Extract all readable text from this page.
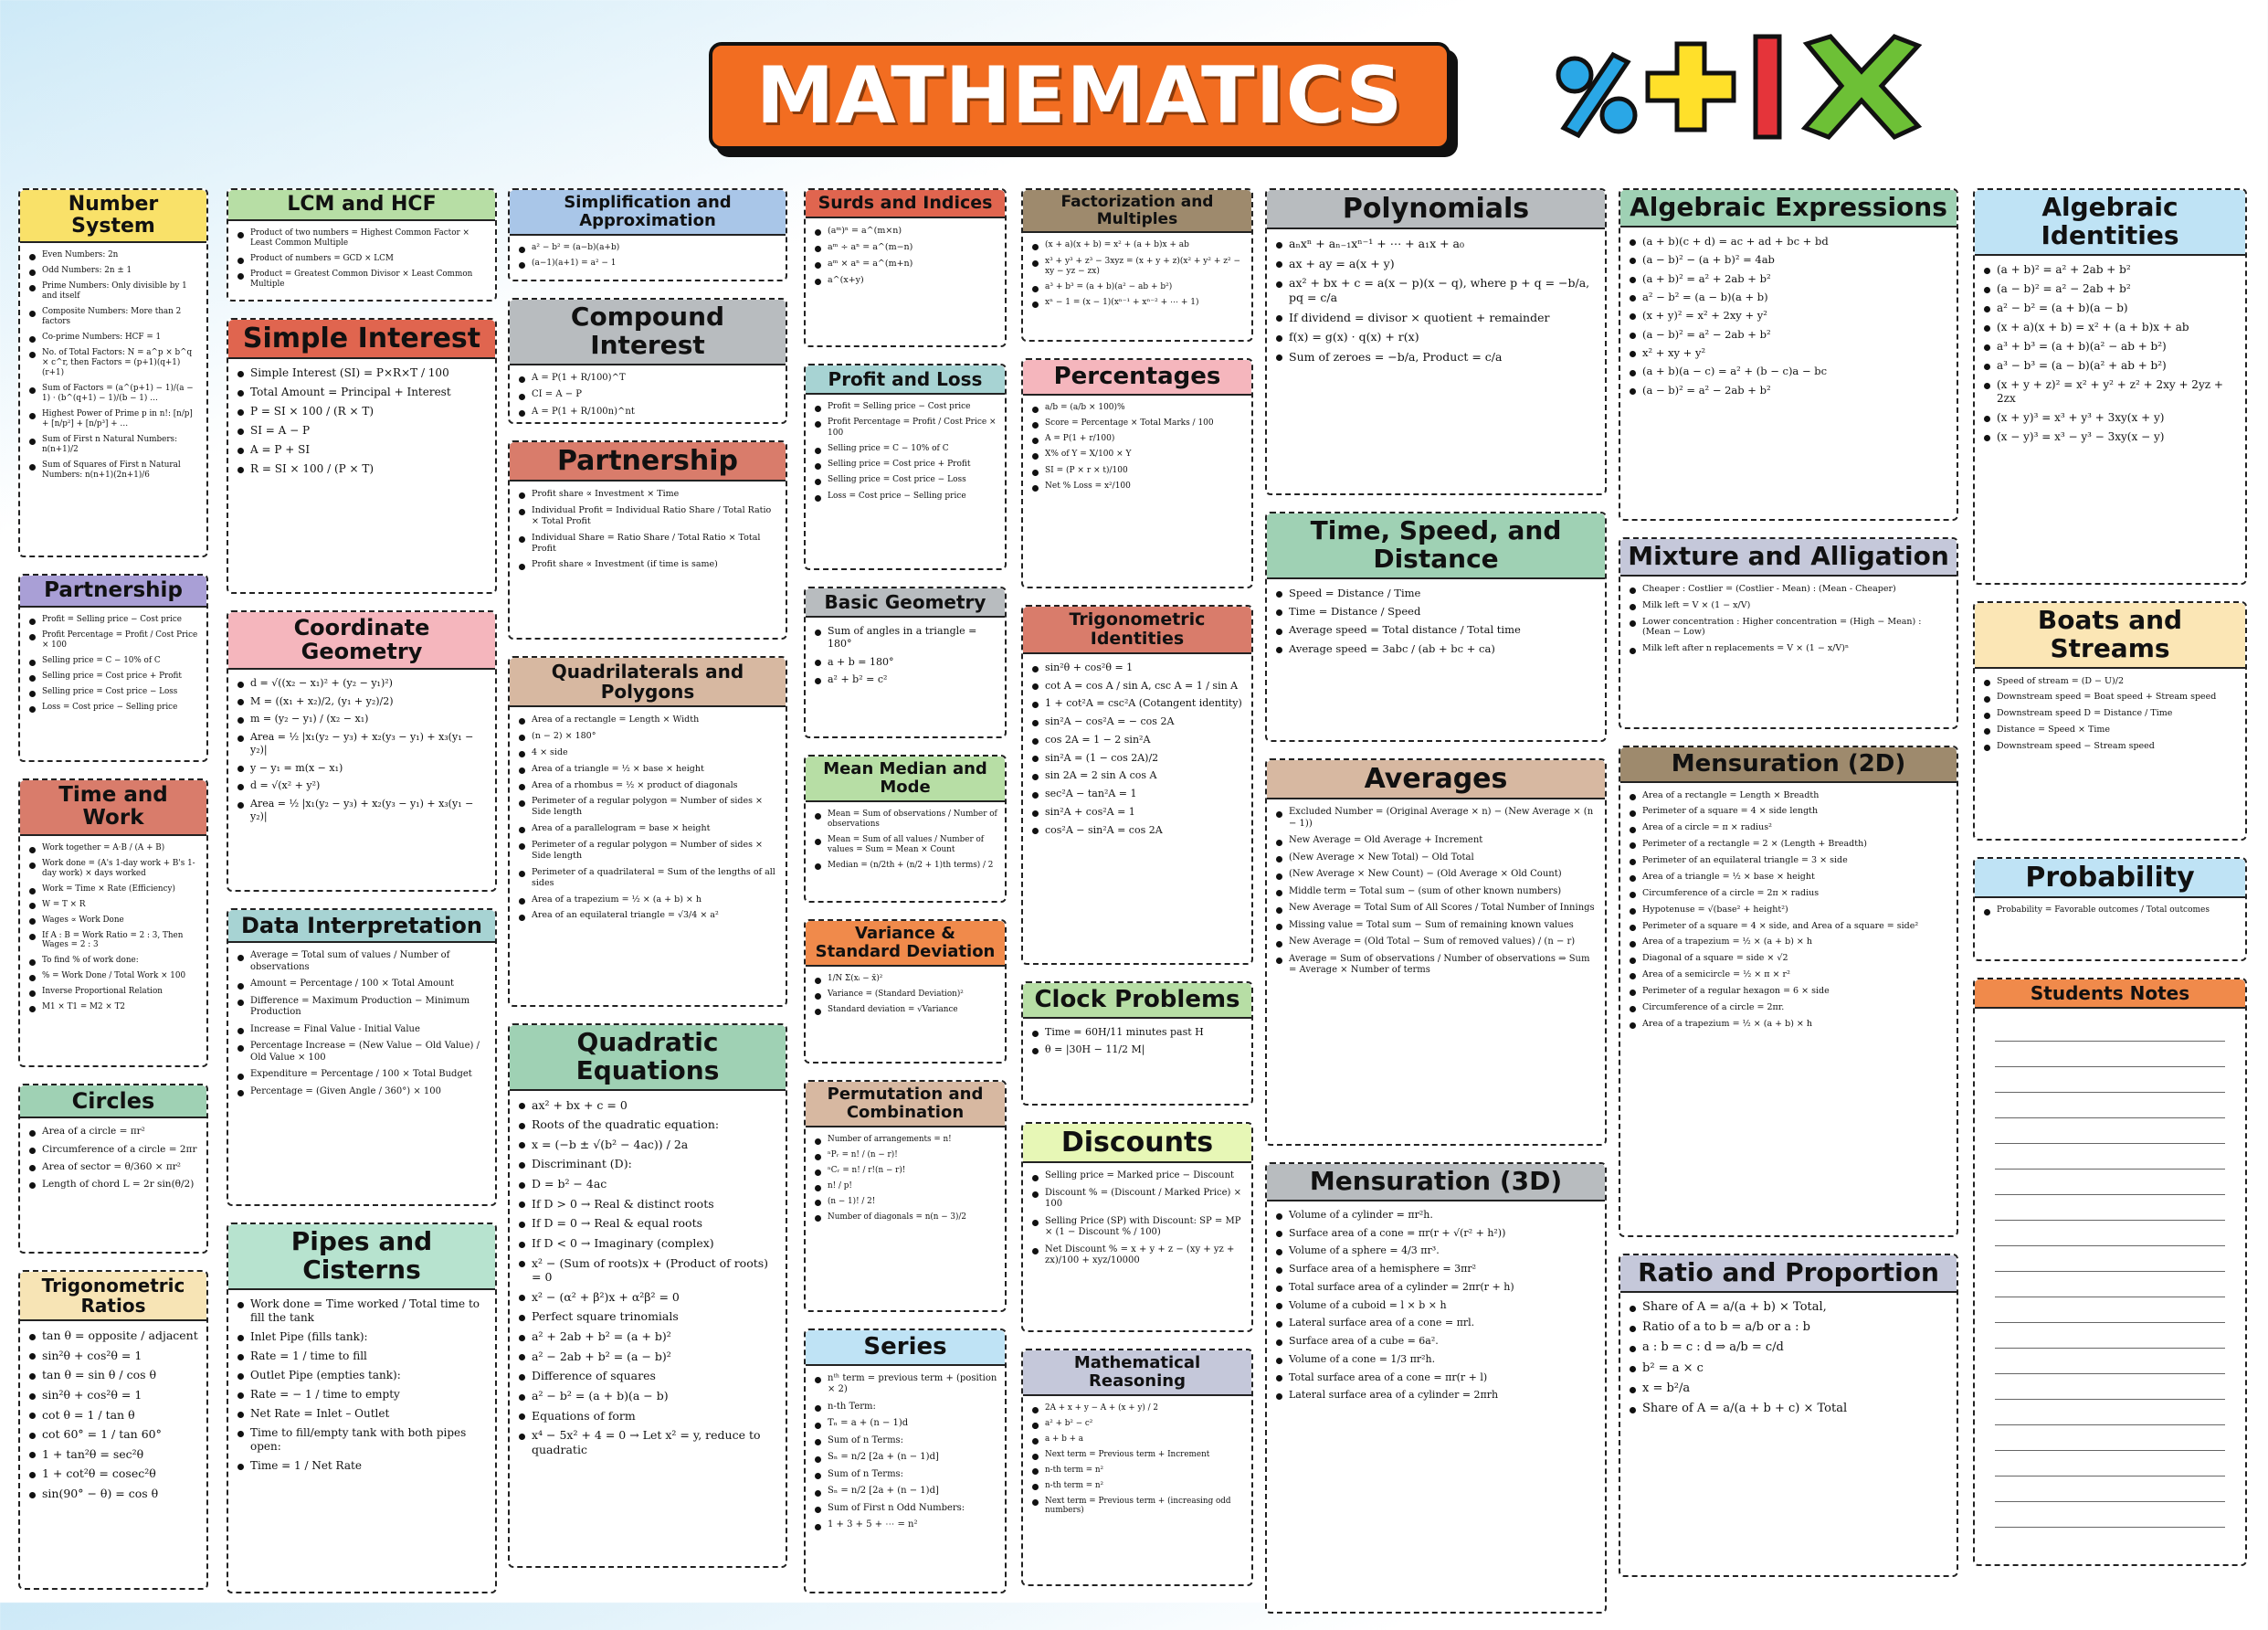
MATHEMATICS
Number System
Even Numbers: 2n
Odd Numbers: 2n ± 1
Prime Numbers: Only divisible by 1 and itself
Composite Numbers: More than 2 factors
Co-prime Numbers: HCF = 1
No. of Total Factors: N = a^p × b^q × c^r, then Factors = (p+1)(q+1)(r+1)
Sum of Factors = (a^(p+1) − 1)/(a − 1) · (b^(q+1) − 1)/(b − 1) …
Highest Power of Prime p in n!: [n/p] + [n/p²] + [n/p³] + …
Sum of First n Natural Numbers: n(n+1)/2
Sum of Squares of First n Natural Numbers: n(n+1)(2n+1)/6
Partnership
Profit = Selling price − Cost price
Profit Percentage = Profit / Cost Price × 100
Selling price = C − 10% of C
Selling price = Cost price + Profit
Selling price = Cost price − Loss
Loss = Cost price − Selling price
Time and Work
Work together = A·B / (A + B)
Work done = (A's 1-day work + B's 1-day work) × days worked
Work = Time × Rate (Efficiency)
W = T × R
Wages ∝ Work Done
If A : B = Work Ratio = 2 : 3, Then Wages = 2 : 3
To find % of work done:
% = Work Done / Total Work × 100
Inverse Proportional Relation
M1 × T1 = M2 × T2
Circles
Area of a circle = πr²
Circumference of a circle = 2πr
Area of sector = θ/360 × πr²
Length of chord L = 2r sin(θ/2)
Trigonometric Ratios
tan θ = opposite / adjacent
sin²θ + cos²θ = 1
tan θ = sin θ / cos θ
sin²θ + cos²θ = 1
cot θ = 1 / tan θ
cot 60° = 1 / tan 60°
1 + tan²θ = sec²θ
1 + cot²θ = cosec²θ
sin(90° − θ) = cos θ
LCM and HCF
Product of two numbers = Highest Common Factor × Least Common Multiple
Product of numbers = GCD × LCM
Product = Greatest Common Divisor × Least Common Multiple
Simple Interest
Simple Interest (SI) = P×R×T / 100
Total Amount = Principal + Interest
P = SI × 100 / (R × T)
SI = A − P
A = P + SI
R = SI × 100 / (P × T)
Coordinate Geometry
d = √((x₂ − x₁)² + (y₂ − y₁)²)
M = ((x₁ + x₂)/2, (y₁ + y₂)/2)
m = (y₂ − y₁) / (x₂ − x₁)
Area = ½ |x₁(y₂ − y₃) + x₂(y₃ − y₁) + x₃(y₁ − y₂)|
y − y₁ = m(x − x₁)
d = √(x² + y²)
Area = ½ |x₁(y₂ − y₃) + x₂(y₃ − y₁) + x₃(y₁ − y₂)|
Data Interpretation
Average = Total sum of values / Number of observations
Amount = Percentage / 100 × Total Amount
Difference = Maximum Production − Minimum Production
Increase = Final Value - Initial Value
Percentage Increase = (New Value − Old Value) / Old Value × 100
Expenditure = Percentage / 100 × Total Budget
Percentage = (Given Angle / 360°) × 100
Pipes and Cisterns
Work done = Time worked / Total time to fill the tank
Inlet Pipe (fills tank):
Rate = 1 / time to fill
Outlet Pipe (empties tank):
Rate = − 1 / time to empty
Net Rate = Inlet – Outlet
Time to fill/empty tank with both pipes open:
Time = 1 / Net Rate
Simplification and Approximation
a² − b² = (a−b)(a+b)
(a−1)(a+1) = a² − 1
Compound Interest
A = P(1 + R/100)^T
CI = A − P
A = P(1 + R/100n)^nt
Partnership
Profit share ∝ Investment × Time
Individual Profit = Individual Ratio Share / Total Ratio × Total Profit
Individual Share = Ratio Share / Total Ratio × Total Profit
Profit share ∝ Investment (if time is same)
Quadrilaterals and Polygons
Area of a rectangle = Length × Width
(n − 2) × 180°
4 × side
Area of a triangle = ½ × base × height
Area of a rhombus = ½ × product of diagonals
Perimeter of a regular polygon = Number of sides × Side length
Area of a parallelogram = base × height
Perimeter of a regular polygon = Number of sides × Side length
Perimeter of a quadrilateral = Sum of the lengths of all sides
Area of a trapezium = ½ × (a + b) × h
Area of an equilateral triangle = √3/4 × a²
Quadratic Equations
ax² + bx + c = 0
Roots of the quadratic equation:
x = (−b ± √(b² − 4ac)) / 2a
Discriminant (D):
D = b² − 4ac
If D > 0 → Real & distinct roots
If D = 0 → Real & equal roots
If D < 0 → Imaginary (complex)
x² − (Sum of roots)x + (Product of roots) = 0
x² − (α² + β²)x + α²β² = 0
Perfect square trinomials
a² + 2ab + b² = (a + b)²
a² − 2ab + b² = (a − b)²
Difference of squares
a² − b² = (a + b)(a − b)
Equations of form
x⁴ − 5x² + 4 = 0 → Let x² = y, reduce to quadratic
Surds and Indices
(aᵐ)ⁿ = a^(m×n)
aᵐ ÷ aⁿ = a^(m−n)
aᵐ × aⁿ = a^(m+n)
a^(x+y)
Profit and Loss
Profit = Selling price − Cost price
Profit Percentage = Profit / Cost Price × 100
Selling price = C − 10% of C
Selling price = Cost price + Profit
Selling price = Cost price − Loss
Loss = Cost price − Selling price
Basic Geometry
Sum of angles in a triangle = 180°
a + b = 180°
a² + b² = c²
Mean Median and Mode
Mean = Sum of observations / Number of observations
Mean = Sum of all values / Number of values = Sum = Mean × Count
Median = (n/2th + (n/2 + 1)th terms) / 2
Variance & Standard Deviation
1/N Σ(xᵢ − x̄)²
Variance = (Standard Deviation)²
Standard deviation = √Variance
Permutation and Combination
Number of arrangements = n!
ⁿPᵣ = n! / (n − r)!
ⁿCᵣ = n! / r!(n − r)!
n! / p!
(n − 1)! / 2!
Number of diagonals = n(n − 3)/2
Series
nᵗʰ term = previous term + (position × 2)
n-th Term:
Tₙ = a + (n − 1)d
Sum of n Terms:
Sₙ = n/2 [2a + (n − 1)d]
Sum of n Terms:
Sₙ = n/2 [2a + (n − 1)d]
Sum of First n Odd Numbers:
1 + 3 + 5 + ⋯ = n²
Factorization and Multiples
(x + a)(x + b) = x² + (a + b)x + ab
x³ + y³ + z³ − 3xyz = (x + y + z)(x² + y² + z² − xy − yz − zx)
a³ + b³ = (a + b)(a² − ab + b²)
xⁿ − 1 = (x − 1)(xⁿ⁻¹ + xⁿ⁻² + ⋯ + 1)
Percentages
a/b = (a/b × 100)%
Score = Percentage × Total Marks / 100
A = P(1 + r/100)
X% of Y = X/100 × Y
SI = (P × r × t)/100
Net % Loss = x²/100
Trigonometric Identities
sin²θ + cos²θ = 1
cot A = cos A / sin A, csc A = 1 / sin A
1 + cot²A = csc²A (Cotangent identity)
sin²A − cos²A = − cos 2A
cos 2A = 1 − 2 sin²A
sin²A = (1 − cos 2A)/2
sin 2A = 2 sin A cos A
sec²A − tan²A = 1
sin²A + cos²A = 1
cos²A − sin²A = cos 2A
Clock Problems
Time = 60H/11 minutes past H
θ = |30H − 11/2 M|
Discounts
Selling price = Marked price − Discount
Discount % = (Discount / Marked Price) × 100
Selling Price (SP) with Discount: SP = MP × (1 − Discount % / 100)
Net Discount % = x + y + z − (xy + yz + zx)/100 + xyz/10000
Mathematical Reasoning
2A + x + y − A + (x + y) / 2
a² + b² − c²
a + b + a
Next term = Previous term + Increment
n-th term = n²
n-th term = n²
Next term = Previous term + (increasing odd numbers)
Polynomials
aₙxⁿ + aₙ₋₁xⁿ⁻¹ + ⋯ + a₁x + a₀
ax + ay = a(x + y)
ax² + bx + c = a(x − p)(x − q), where p + q = −b/a, pq = c/a
If dividend = divisor × quotient + remainder
f(x) = g(x) · q(x) + r(x)
Sum of zeroes = −b/a, Product = c/a
Time, Speed, and Distance
Speed = Distance / Time
Time = Distance / Speed
Average speed = Total distance / Total time
Average speed = 3abc / (ab + bc + ca)
Averages
Excluded Number = (Original Average × n) − (New Average × (n − 1))
New Average = Old Average + Increment
(New Average × New Total) − Old Total
(New Average × New Count) − (Old Average × Old Count)
Middle term = Total sum − (sum of other known numbers)
New Average = Total Sum of All Scores / Total Number of Innings
Missing value = Total sum − Sum of remaining known values
New Average = (Old Total − Sum of removed values) / (n − r)
Average = Sum of observations / Number of observations ⇒ Sum = Average × Number of terms
Mensuration (3D)
Volume of a cylinder = πr²h.
Surface area of a cone = πr(r + √(r² + h²))
Volume of a sphere = 4/3 πr³.
Surface area of a hemisphere = 3πr²
Total surface area of a cylinder = 2πr(r + h)
Volume of a cuboid = l × b × h
Lateral surface area of a cone = πrl.
Surface area of a cube = 6a².
Volume of a cone = 1/3 πr²h.
Total surface area of a cone = πr(r + l)
Lateral surface area of a cylinder = 2πrh
Algebraic Expressions
(a + b)(c + d) = ac + ad + bc + bd
(a − b)² − (a + b)² = 4ab
(a + b)² = a² + 2ab + b²
a² − b² = (a − b)(a + b)
(x + y)² = x² + 2xy + y²
(a − b)² = a² − 2ab + b²
x² + xy + y²
(a + b)(a − c) = a² + (b − c)a − bc
(a − b)² = a² − 2ab + b²
Mixture and Alligation
Cheaper : Costlier = (Costlier - Mean) : (Mean - Cheaper)
Milk left = V × (1 − x/V)
Lower concentration : Higher concentration = (High − Mean) : (Mean − Low)
Milk left after n replacements = V × (1 − x/V)ⁿ
Mensuration (2D)
Area of a rectangle = Length × Breadth
Perimeter of a square = 4 × side length
Area of a circle = π × radius²
Perimeter of a rectangle = 2 × (Length + Breadth)
Perimeter of an equilateral triangle = 3 × side
Area of a triangle = ½ × base × height
Circumference of a circle = 2π × radius
Hypotenuse = √(base² + height²)
Perimeter of a square = 4 × side, and Area of a square = side²
Area of a trapezium = ½ × (a + b) × h
Diagonal of a square = side × √2
Area of a semicircle = ½ × π × r²
Perimeter of a regular hexagon = 6 × side
Circumference of a circle = 2πr.
Area of a trapezium = ½ × (a + b) × h
Ratio and Proportion
Share of A = a/(a + b) × Total,
Ratio of a to b = a/b or a : b
a : b = c : d ⇒ a/b = c/d
b² = a × c
x = b²/a
Share of A = a/(a + b + c) × Total
Algebraic Identities
(a + b)² = a² + 2ab + b²
(a − b)² = a² − 2ab + b²
a² − b² = (a + b)(a − b)
(x + a)(x + b) = x² + (a + b)x + ab
a³ + b³ = (a + b)(a² − ab + b²)
a³ − b³ = (a − b)(a² + ab + b²)
(x + y + z)² = x² + y² + z² + 2xy + 2yz + 2zx
(x + y)³ = x³ + y³ + 3xy(x + y)
(x − y)³ = x³ − y³ − 3xy(x − y)
Boats and Streams
Speed of stream = (D − U)/2
Downstream speed = Boat speed + Stream speed
Downstream speed D = Distance / Time
Distance = Speed × Time
Downstream speed − Stream speed
Probability
Probability = Favorable outcomes / Total outcomes
Students Notes
